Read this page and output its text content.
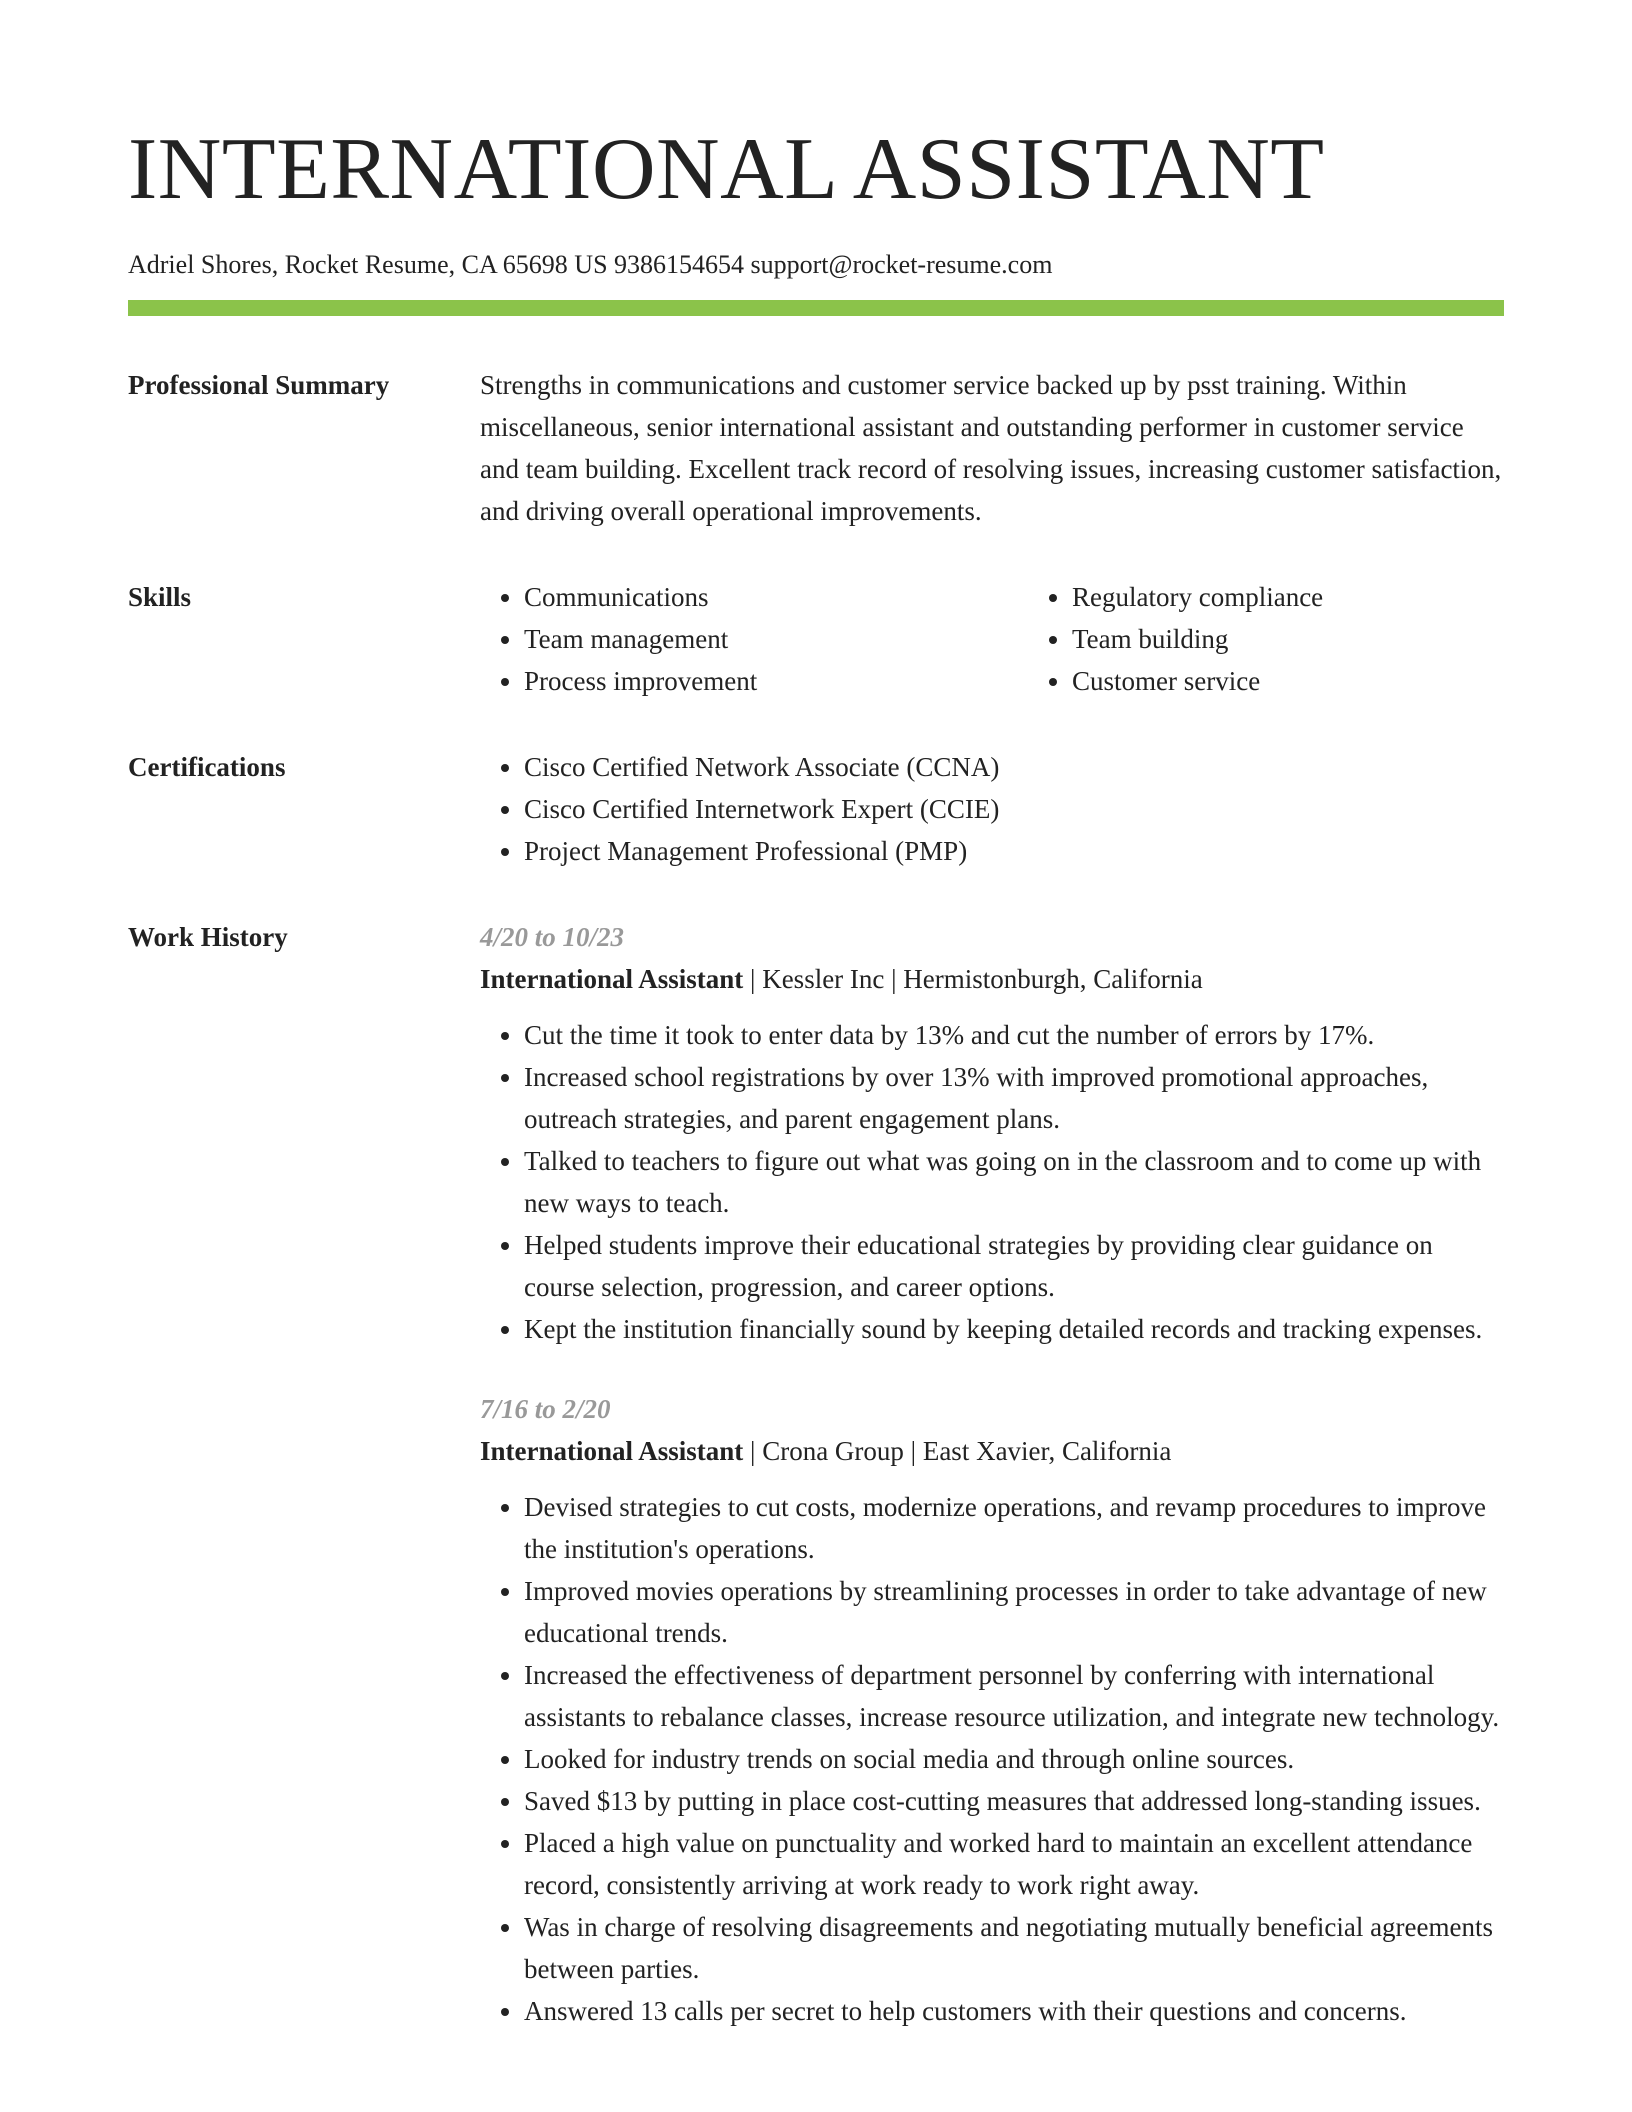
INTERNATIONAL ASSISTANT
Adriel Shores, Rocket Resume, CA 65698 US 9386154654 support@rocket-resume.com
Professional Summary	Strengths in communications and customer service backed up by psst training. Within miscellaneous, senior international assistant and outstanding performer in customer service and team building. Excellent track record of resolving issues, increasing customer satisfaction, and driving overall operational improvements.
Skills	• Communications
• Team management
• Process improvement
• Regulatory compliance
• Team building
• Customer service
Certifications	• Cisco Certified Network Associate (CCNA)
• Cisco Certified Internetwork Expert (CCIE)
• Project Management Professional (PMP)
Work History	4/20 to 10/23
International Assistant | Kessler Inc | Hermistonburgh, California
• Cut the time it took to enter data by 13% and cut the number of errors by 17%.
• Increased school registrations by over 13% with improved promotional approaches, outreach strategies, and parent engagement plans.
• Talked to teachers to figure out what was going on in the classroom and to come up with new ways to teach.
• Helped students improve their educational strategies by providing clear guidance on course selection, progression, and career options.
• Kept the institution financially sound by keeping detailed records and tracking expenses.
7/16 to 2/20
International Assistant | Crona Group | East Xavier, California
• Devised strategies to cut costs, modernize operations, and revamp procedures to improve the institution's operations.
• Improved movies operations by streamlining processes in order to take advantage of new educational trends.
• Increased the effectiveness of department personnel by conferring with international assistants to rebalance classes, increase resource utilization, and integrate new technology.
• Looked for industry trends on social media and through online sources.
• Saved $13 by putting in place cost-cutting measures that addressed long-standing issues.
• Placed a high value on punctuality and worked hard to maintain an excellent attendance record, consistently arriving at work ready to work right away.
• Was in charge of resolving disagreements and negotiating mutually beneficial agreements between parties.
• Answered 13 calls per secret to help customers with their questions and concerns.
